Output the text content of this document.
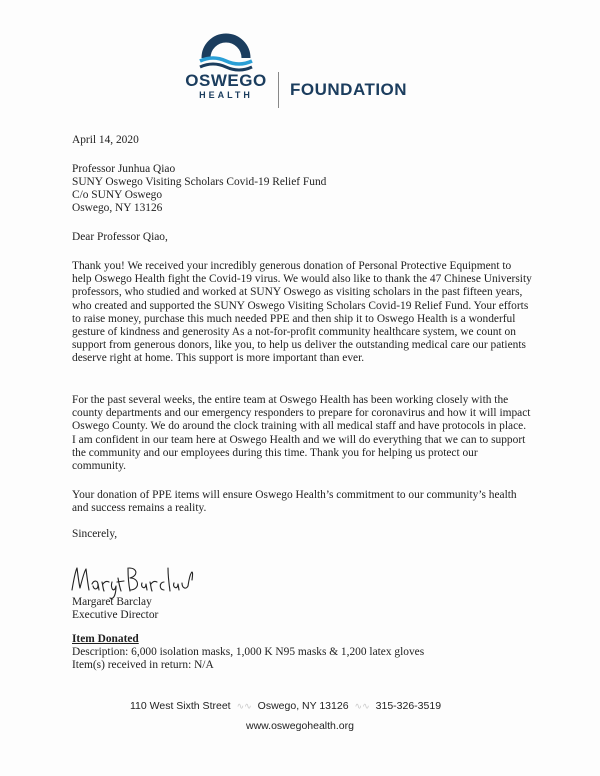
OSWEGO
HEALTH	FOUNDATION
April 14, 2020
Professor Junhua Qiao
SUNY Oswego Visiting Scholars Covid-19 Relief Fund
C/o SUNY Oswego
Oswego, NY 13126
Dear Professor Qiao,
Thank you! We received your incredibly generous donation of Personal Protective Equipment to help Oswego Health fight the Covid-19 virus. We would also like to thank the 47 Chinese University professors, who studied and worked at SUNY Oswego as visiting scholars in the past fifteen years, who created and supported the SUNY Oswego Visiting Scholars Covid-19 Relief Fund. Your efforts to raise money, purchase this much needed PPE and then ship it to Oswego Health is a wonderful gesture of kindness and generosity As a not-for-profit community healthcare system, we count on support from generous donors, like you, to help us deliver the outstanding medical care our patients deserve right at home. This support is more important than ever.
For the past several weeks, the entire team at Oswego Health has been working closely with the county departments and our emergency responders to prepare for coronavirus and how it will impact Oswego County. We do around the clock training with all medical staff and have protocols in place. I am confident in our team here at Oswego Health and we will do everything that we can to support the community and our employees during this time. Thank you for helping us protect our community.
Your donation of PPE items will ensure Oswego Health’s commitment to our community’s health and success remains a reality.
Sincerely,
Margaret Barclay
Executive Director
Item Donated
Description: 6,000 isolation masks, 1,000 K N95 masks & 1,200 latex gloves
Item(s) received in return: N/A
110 West Sixth Street ∿∿ Oswego, NY 13126 ∿∿ 315-326-3519
www.oswegohealth.org
